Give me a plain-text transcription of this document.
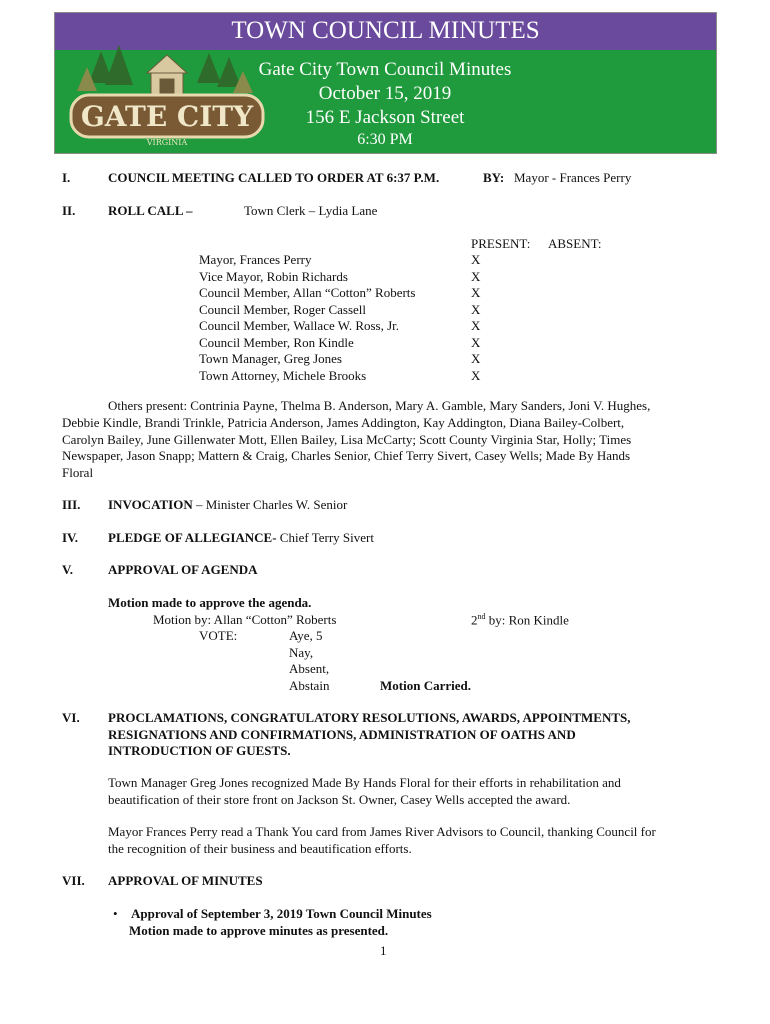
TOWN COUNCIL MINUTES
GATE CITY
VIRGINIA
Gate City Town Council Minutes
October 15, 2019
156 E Jackson Street
6:30 PM
I.	COUNCIL MEETING CALLED TO ORDER AT 6:37 P.M.	BY: Mayor - Frances Perry
II.	ROLL CALL –	Town Clerk – Lydia Lane
PRESENT: ABSENT:
Mayor, Frances Perry	X
Vice Mayor, Robin Richards	X
Council Member, Allan “Cotton” Roberts	X
Council Member, Roger Cassell	X
Council Member, Wallace W. Ross, Jr.	X
Council Member, Ron Kindle	X
Town Manager, Greg Jones	X
Town Attorney, Michele Brooks	X
Others present: Contrinia Payne, Thelma B. Anderson, Mary A. Gamble, Mary Sanders, Joni V. Hughes,
Debbie Kindle, Brandi Trinkle, Patricia Anderson, James Addington, Kay Addington, Diana Bailey-Colbert,
Carolyn Bailey, June Gillenwater Mott, Ellen Bailey, Lisa McCarty; Scott County Virginia Star, Holly; Times
Newspaper, Jason Snapp; Mattern & Craig, Charles Senior, Chief Terry Sivert, Casey Wells; Made By Hands
Floral
III. INVOCATION – Minister Charles W. Senior
IV. PLEDGE OF ALLEGIANCE- Chief Terry Sivert
V.	APPROVAL OF AGENDA
Motion made to approve the agenda.
Motion by: Allan “Cotton” Roberts	2nd by: Ron Kindle
VOTE:	Aye, 5
Nay,
Absent,
Abstain	Motion Carried.
VI. PROCLAMATIONS, CONGRATULATORY RESOLUTIONS, AWARDS, APPOINTMENTS,
RESIGNATIONS AND CONFIRMATIONS, ADMINISTRATION OF OATHS AND
INTRODUCTION OF GUESTS.
Town Manager Greg Jones recognized Made By Hands Floral for their efforts in rehabilitation and
beautification of their store front on Jackson St. Owner, Casey Wells accepted the award.
Mayor Frances Perry read a Thank You card from James River Advisors to Council, thanking Council for
the recognition of their business and beautification efforts.
VII. APPROVAL OF MINUTES
• Approval of September 3, 2019 Town Council Minutes
Motion made to approve minutes as presented.
1
